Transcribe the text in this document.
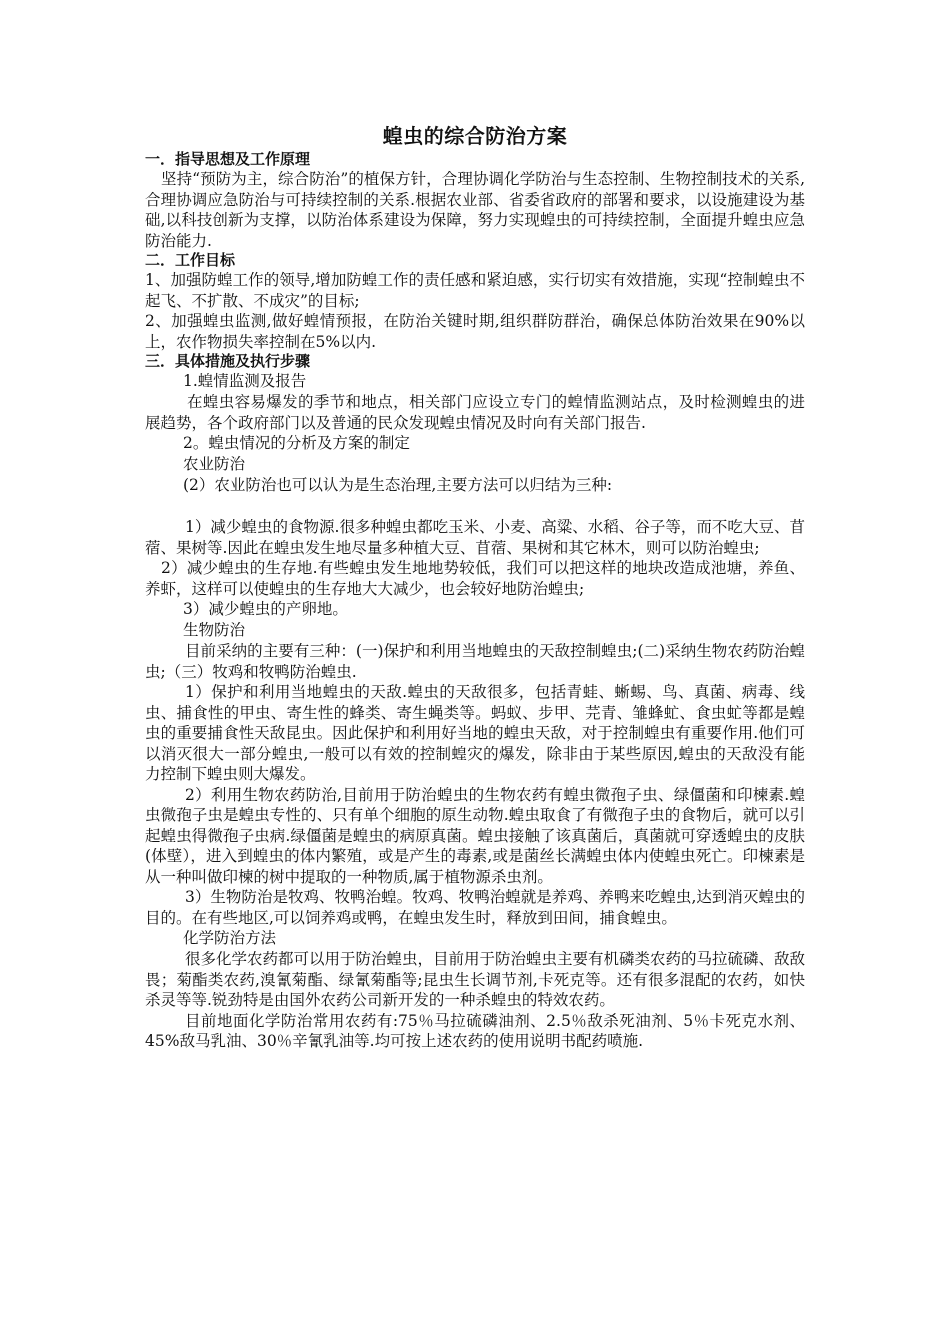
蝗虫的综合防治方案

一．指导思想及工作原理

坚持“预防为主，综合防治”的植保方针，合理协调化学防治与生态控制、生物控制技术的关系,合理协调应急防治与可持续控制的关系.根据农业部、省委省政府的部署和要求，以设施建设为基础,以科技创新为支撑，以防治体系建设为保障，努力实现蝗虫的可持续控制，全面提升蝗虫应急防治能力.

二．工作目标

1、加强防蝗工作的领导,增加防蝗工作的责任感和紧迫感，实行切实有效措施，实现“控制蝗虫不起飞、不扩散、不成灾”的目标;

2、加强蝗虫监测,做好蝗情预报，在防治关键时期,组织群防群治，确保总体防治效果在90%以上，农作物损失率控制在5%以内.

三．具体措施及执行步骤

1.蝗情监测及报告

在蝗虫容易爆发的季节和地点，相关部门应设立专门的蝗情监测站点，及时检测蝗虫的进展趋势，各个政府部门以及普通的民众发现蝗虫情况及时向有关部门报告.

2。蝗虫情况的分析及方案的制定

农业防治

(2）农业防治也可以认为是生态治理,主要方法可以归结为三种:

1）减少蝗虫的食物源.很多种蝗虫都吃玉米、小麦、高粱、水稻、谷子等，而不吃大豆、苜蓿、果树等.因此在蝗虫发生地尽量多种植大豆、苜蓿、果树和其它林木，则可以防治蝗虫;

2）减少蝗虫的生存地.有些蝗虫发生地地势较低，我们可以把这样的地块改造成池塘，养鱼、养虾，这样可以使蝗虫的生存地大大减少，也会较好地防治蝗虫;

3）减少蝗虫的产卵地。

生物防治

目前采纳的主要有三种：(一)保护和利用当地蝗虫的天敌控制蝗虫;(二)采纳生物农药防治蝗虫;（三）牧鸡和牧鸭防治蝗虫.

1）保护和利用当地蝗虫的天敌.蝗虫的天敌很多，包括青蛙、蜥蜴、鸟、真菌、病毒、线虫、捕食性的甲虫、寄生性的蜂类、寄生蝇类等。蚂蚁、步甲、芫青、雏蜂虻、食虫虻等都是蝗虫的重要捕食性天敌昆虫。因此保护和利用好当地的蝗虫天敌，对于控制蝗虫有重要作用.他们可以消灭很大一部分蝗虫,一般可以有效的控制蝗灾的爆发，除非由于某些原因,蝗虫的天敌没有能力控制下蝗虫则大爆发。

2）利用生物农药防治,目前用于防治蝗虫的生物农药有蝗虫微孢子虫、绿僵菌和印楝素.蝗虫微孢子虫是蝗虫专性的、只有单个细胞的原生动物.蝗虫取食了有微孢子虫的食物后，就可以引起蝗虫得微孢子虫病.绿僵菌是蝗虫的病原真菌。蝗虫接触了该真菌后，真菌就可穿透蝗虫的皮肤(体壁），进入到蝗虫的体内繁殖，或是产生的毒素,或是菌丝长满蝗虫体内使蝗虫死亡。印楝素是从一种叫做印楝的树中提取的一种物质,属于植物源杀虫剂。

3）生物防治是牧鸡、牧鸭治蝗。牧鸡、牧鸭治蝗就是养鸡、养鸭来吃蝗虫,达到消灭蝗虫的目的。在有些地区,可以饲养鸡或鸭，在蝗虫发生时，释放到田间，捕食蝗虫。

化学防治方法

很多化学农药都可以用于防治蝗虫，目前用于防治蝗虫主要有机磷类农药的马拉硫磷、敌敌畏；菊酯类农药,溴氰菊酯、绿氰菊酯等;昆虫生长调节剂,卡死克等。还有很多混配的农药，如快杀灵等等.锐劲特是由国外农药公司新开发的一种杀蝗虫的特效农药。

目前地面化学防治常用农药有:75％马拉硫磷油剂、2.5％敌杀死油剂、5％卡死克水剂、45%敌马乳油、30％辛氰乳油等.均可按上述农药的使用说明书配药喷施.
